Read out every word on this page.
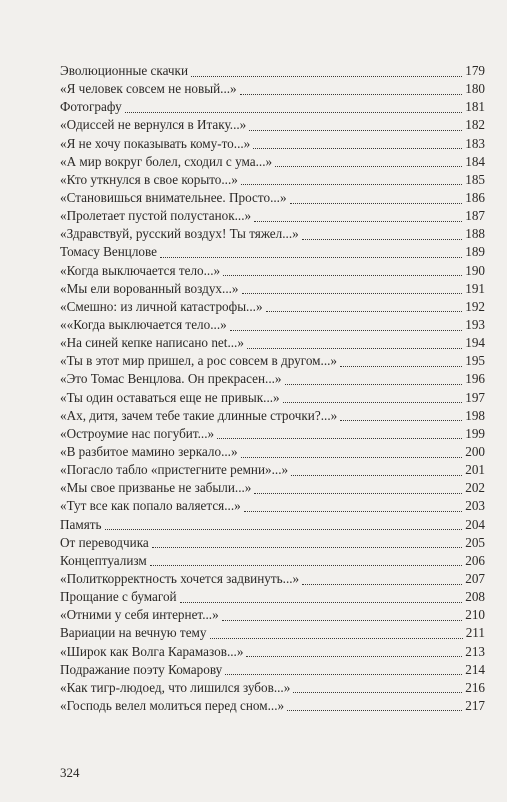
Эволюционные скачки	179
«Я человек совсем не новый...»	180
Фотографу	181
«Одиссей не вернулся в Итаку...»	182
«Я не хочу показывать кому-то...»	183
«А мир вокруг болел, сходил с ума...»	184
«Кто уткнулся в свое корыто...»	185
«Становишься внимательнее. Просто...»	186
«Пролетает пустой полустанок...»	187
«Здравствуй, русский воздух! Ты тяжел...»	188
Томасу Венцлове	189
«Когда выключается тело...»	190
«Мы ели ворованный воздух...»	191
«Смешно: из личной катастрофы...»	192
««Когда выключается тело...»	193
«На синей кепке написано net...»	194
«Ты в этот мир пришел, а рос совсем в другом...»	195
«Это Томас Венцлова. Он прекрасен...»	196
«Ты один оставаться еще не привык...»	197
«Ах, дитя, зачем тебе такие длинные строчки?...»	198
«Остроумие нас погубит...»	199
«В разбитое мамино зеркало...»	200
«Погасло табло «пристегните ремни»...»	201
«Мы свое призванье не забыли...»	202
«Тут все как попало валяется...»	203
Память	204
От переводчика	205
Концептуализм	206
«Политкорректность хочется задвинуть...»	207
Прощание с бумагой	208
«Отними у себя интернет...»	210
Вариации на вечную тему	211
«Широк как Волга Карамазов...»	213
Подражание поэту Комарову	214
«Как тигр-людоед, что лишился зубов...»	216
«Господь велел молиться перед сном...»	217
324
